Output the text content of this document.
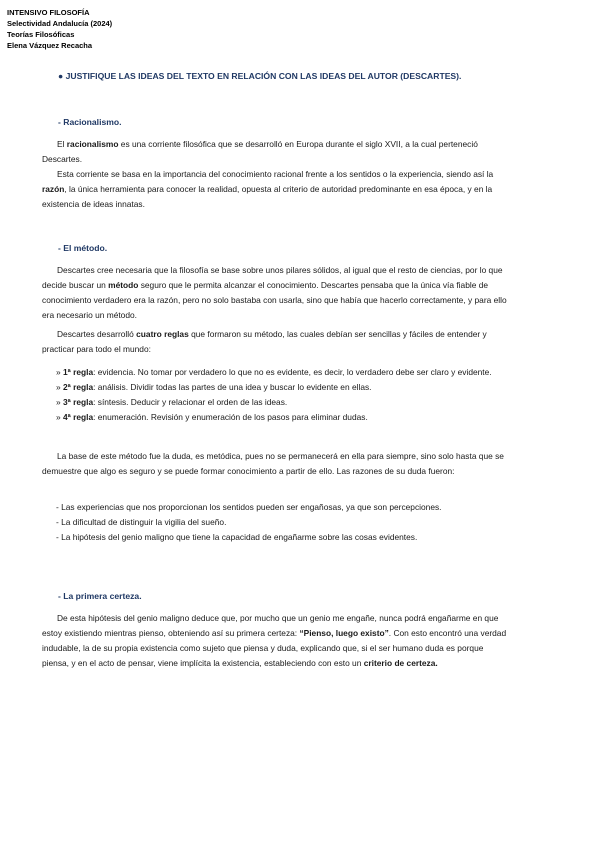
INTENSIVO FILOSOFÍA
Selectividad Andalucía (2024)
Teorías Filosóficas
Elena Vázquez Recacha
● JUSTIFIQUE LAS IDEAS DEL TEXTO EN RELACIÓN CON LAS IDEAS DEL AUTOR (DESCARTES).
- Racionalismo.
El racionalismo es una corriente filosófica que se desarrolló en Europa durante el siglo XVII, a la cual perteneció Descartes.
Esta corriente se basa en la importancia del conocimiento racional frente a los sentidos o la experiencia, siendo así la razón, la única herramienta para conocer la realidad, opuesta al criterio de autoridad predominante en esa época, y en la existencia de ideas innatas.
- El método.
Descartes cree necesaria que la filosofía se base sobre unos pilares sólidos, al igual que el resto de ciencias, por lo que decide buscar un método seguro que le permita alcanzar el conocimiento. Descartes pensaba que la única vía fiable de conocimiento verdadero era la razón, pero no solo bastaba con usarla, sino que había que hacerlo correctamente, y para ello era necesario un método.
Descartes desarrolló cuatro reglas que formaron su método, las cuales debían ser sencillas y fáciles de entender y practicar para todo el mundo:
» 1ª regla: evidencia. No tomar por verdadero lo que no es evidente, es decir, lo verdadero debe ser claro y evidente.
» 2ª regla: análisis. Dividir todas las partes de una idea y buscar lo evidente en ellas.
» 3ª regla: síntesis. Deducir y relacionar el orden de las ideas.
» 4ª regla: enumeración. Revisión y enumeración de los pasos para eliminar dudas.
La base de este método fue la duda, es metódica, pues no se permanecerá en ella para siempre, sino solo hasta que se demuestre que algo es seguro y se puede formar conocimiento a partir de ello. Las razones de su duda fueron:
- Las experiencias que nos proporcionan los sentidos pueden ser engañosas, ya que son percepciones.
- La dificultad de distinguir la vigilia del sueño.
- La hipótesis del genio maligno que tiene la capacidad de engañarme sobre las cosas evidentes.
- La primera certeza.
De esta hipótesis del genio maligno deduce que, por mucho que un genio me engañe, nunca podrá engañarme en que estoy existiendo mientras pienso, obteniendo así su primera certeza: “Pienso, luego existo”. Con esto encontró una verdad indudable, la de su propia existencia como sujeto que piensa y duda, explicando que, si el ser humano duda es porque piensa, y en el acto de pensar, viene implícita la existencia, estableciendo con esto un criterio de certeza.
